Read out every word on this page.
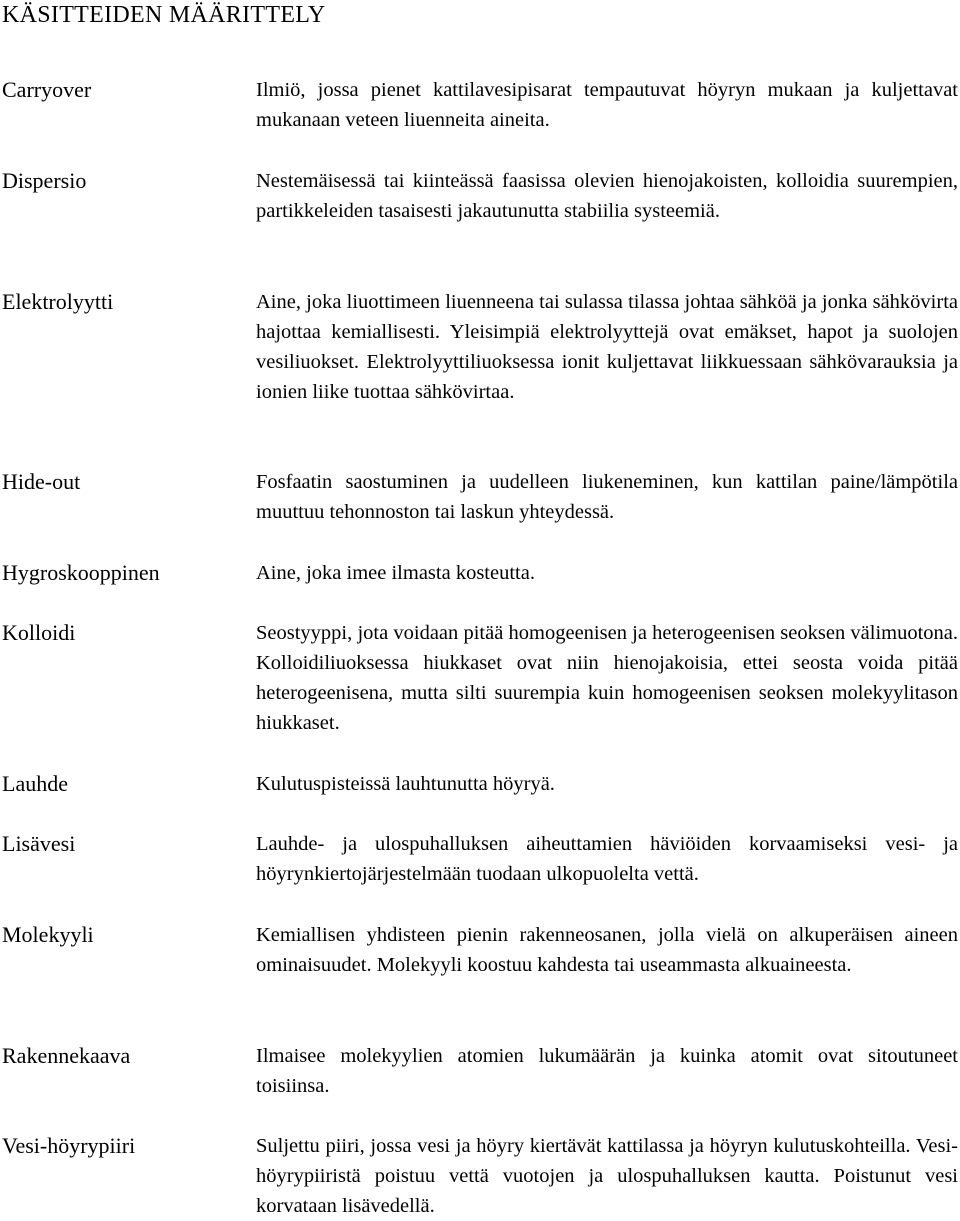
KÄSITTEIDEN MÄÄRITTELY
Carryover	Ilmiö, jossa pienet kattilavesipisarat tempautuvat höyryn mukaan ja kuljettavat mukanaan veteen liuenneita aineita.
Dispersio	Nestemäisessä tai kiinteässä faasissa olevien hienojakoisten, kolloidia suurempien, partikkeleiden tasaisesti jakautunutta stabiilia systeemiä.
Elektrolyytti	Aine, joka liuottimeen liuenneena tai sulassa tilassa johtaa sähköä ja jonka sähkövirta hajottaa kemiallisesti. Yleisimpiä elektrolyyttejä ovat emäkset, hapot ja suolojen vesiliuokset. Elektrolyyttiliuoksessa ionit kuljettavat liikkuessaan sähkövarauksia ja ionien liike tuottaa sähkövirtaa.
Hide-out	Fosfaatin saostuminen ja uudelleen liukeneminen, kun kattilan paine/lämpötila muuttuu tehonnoston tai laskun yhteydessä.
Hygroskooppinen	Aine, joka imee ilmasta kosteutta.
Kolloidi	Seostyyppi, jota voidaan pitää homogeenisen ja heterogeenisen seoksen välimuotona. Kolloidiliuoksessa hiukkaset ovat niin hienojakoisia, ettei seosta voida pitää heterogeenisena, mutta silti suurempia kuin homogeenisen seoksen molekyylitason hiukkaset.
Lauhde	Kulutuspisteissä lauhtunutta höyryä.
Lisävesi	Lauhde- ja ulospuhalluksen aiheuttamien häviöiden korvaamiseksi vesi- ja höyrynkiertojärjestelmään tuodaan ulkopuolelta vettä.
Molekyyli	Kemiallisen yhdisteen pienin rakenneosanen, jolla vielä on alkuperäisen aineen ominaisuudet. Molekyyli koostuu kahdesta tai useammasta alkuaineesta.
Rakennekaava	Ilmaisee molekyylien atomien lukumäärän ja kuinka atomit ovat sitoutuneet toisiinsa.
Vesi-höyrypiiri	Suljettu piiri, jossa vesi ja höyry kiertävät kattilassa ja höyryn kulutuskohteilla. Vesi-höyrypiiristä poistuu vettä vuotojen ja ulospuhalluksen kautta. Poistunut vesi korvataan lisävedellä.
